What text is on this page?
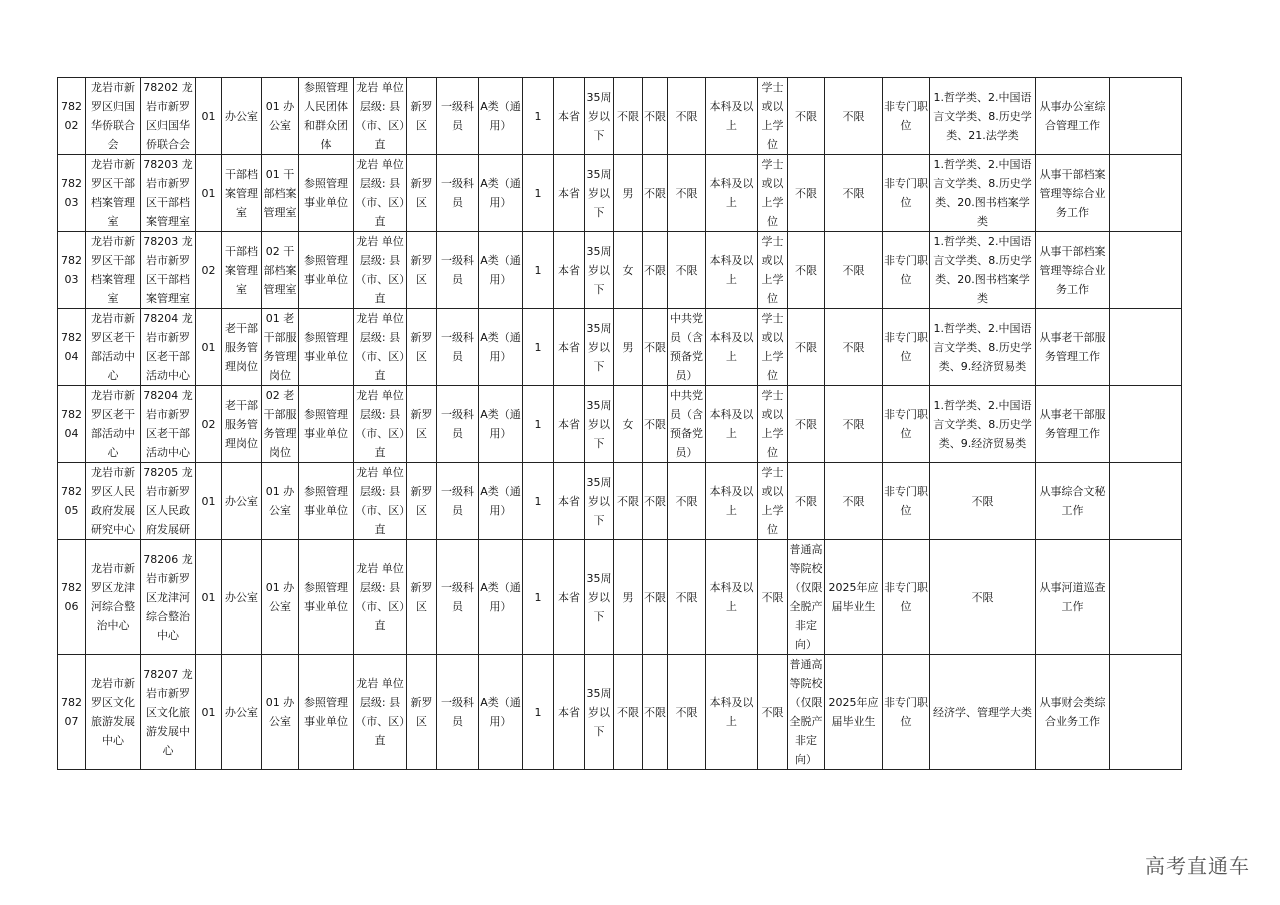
78202	龙岩市新罗区归国华侨联合会	78202 龙岩市新罗区归国华侨联合会	01	办公室	01 办公室	参照管理人民团体和群众团体	龙岩 单位层级: 县（市、区）直	新罗区	一级科员	A类（通用）	1	本省	35周岁以下	不限	不限	不限	本科及以上	学士或以上学位	不限	不限	非专门职位	1.哲学类、2.中国语言文学类、8.历史学类、21.法学类	从事办公室综合管理工作	
78203	龙岩市新罗区干部档案管理室	78203 龙岩市新罗区干部档案管理室	01	干部档案管理室	01 干部档案管理室	参照管理事业单位	龙岩 单位层级: 县（市、区）直	新罗区	一级科员	A类（通用）	1	本省	35周岁以下	男	不限	不限	本科及以上	学士或以上学位	不限	不限	非专门职位	1.哲学类、2.中国语言文学类、8.历史学类、20.图书档案学类	从事干部档案管理等综合业务工作	
78203	龙岩市新罗区干部档案管理室	78203 龙岩市新罗区干部档案管理室	02	干部档案管理室	02 干部档案管理室	参照管理事业单位	龙岩 单位层级: 县（市、区）直	新罗区	一级科员	A类（通用）	1	本省	35周岁以下	女	不限	不限	本科及以上	学士或以上学位	不限	不限	非专门职位	1.哲学类、2.中国语言文学类、8.历史学类、20.图书档案学类	从事干部档案管理等综合业务工作	
78204	龙岩市新罗区老干部活动中心	78204 龙岩市新罗区老干部活动中心	01	老干部服务管理岗位	01 老干部服务管理岗位	参照管理事业单位	龙岩 单位层级: 县（市、区）直	新罗区	一级科员	A类（通用）	1	本省	35周岁以下	男	不限	中共党员（含预备党员）	本科及以上	学士或以上学位	不限	不限	非专门职位	1.哲学类、2.中国语言文学类、8.历史学类、9.经济贸易类	从事老干部服务管理工作	
78204	龙岩市新罗区老干部活动中心	78204 龙岩市新罗区老干部活动中心	02	老干部服务管理岗位	02 老干部服务管理岗位	参照管理事业单位	龙岩 单位层级: 县（市、区）直	新罗区	一级科员	A类（通用）	1	本省	35周岁以下	女	不限	中共党员（含预备党员）	本科及以上	学士或以上学位	不限	不限	非专门职位	1.哲学类、2.中国语言文学类、8.历史学类、9.经济贸易类	从事老干部服务管理工作	
78205	龙岩市新罗区人民政府发展研究中心	78205 龙岩市新罗区人民政府发展研	01	办公室	01 办公室	参照管理事业单位	龙岩 单位层级: 县（市、区）直	新罗区	一级科员	A类（通用）	1	本省	35周岁以下	不限	不限	不限	本科及以上	学士或以上学位	不限	不限	非专门职位	不限	从事综合文秘工作	
78206	龙岩市新罗区龙津河综合整治中心	78206 龙岩市新罗区龙津河综合整治中心	01	办公室	01 办公室	参照管理事业单位	龙岩 单位层级: 县（市、区）直	新罗区	一级科员	A类（通用）	1	本省	35周岁以下	男	不限	不限	本科及以上	不限	普通高等院校（仅限全脱产非定向）	2025年应届毕业生	非专门职位	不限	从事河道巡查工作	
78207	龙岩市新罗区文化旅游发展中心	78207 龙岩市新罗区文化旅游发展中心	01	办公室	01 办公室	参照管理事业单位	龙岩 单位层级: 县（市、区）直	新罗区	一级科员	A类（通用）	1	本省	35周岁以下	不限	不限	不限	本科及以上	不限	普通高等院校（仅限全脱产非定向）	2025年应届毕业生	非专门职位	经济学、管理学大类	从事财会类综合业务工作	
高考直通车
